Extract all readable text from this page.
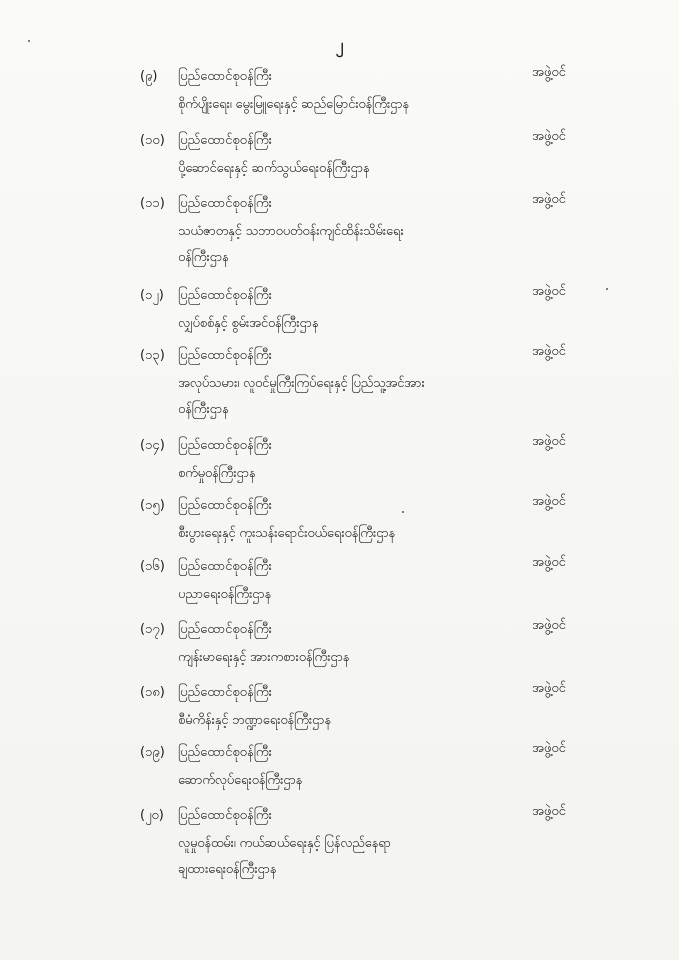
၂
(၉)	ပြည်ထောင်စုဝန်ကြီး	အဖွဲ့ဝင်
စိုက်ပျိုးရေး၊ မွေးမြူရေးနှင့် ဆည်မြောင်းဝန်ကြီးဌာန
(၁၀)	ပြည်ထောင်စုဝန်ကြီး	အဖွဲ့ဝင်
ပို့ဆောင်ရေးနှင့် ဆက်သွယ်ရေးဝန်ကြီးဌာန
(၁၁)	ပြည်ထောင်စုဝန်ကြီး	အဖွဲ့ဝင်
သယံဇာတနှင့် သဘာဝပတ်ဝန်းကျင်ထိန်းသိမ်းရေး
ဝန်ကြီးဌာန
(၁၂)	ပြည်ထောင်စုဝန်ကြီး	အဖွဲ့ဝင်
လျှပ်စစ်နှင့် စွမ်းအင်ဝန်ကြီးဌာန
(၁၃)	ပြည်ထောင်စုဝန်ကြီး	အဖွဲ့ဝင်
အလုပ်သမား၊ လူဝင်မှုကြီးကြပ်ရေးနှင့် ပြည်သူ့အင်အား
ဝန်ကြီးဌာန
(၁၄)	ပြည်ထောင်စုဝန်ကြီး	အဖွဲ့ဝင်
စက်မှုဝန်ကြီးဌာန
(၁၅)	ပြည်ထောင်စုဝန်ကြီး	အဖွဲ့ဝင်
စီးပွားရေးနှင့် ကူးသန်းရောင်းဝယ်ရေးဝန်ကြီးဌာန
(၁၆)	ပြည်ထောင်စုဝန်ကြီး	အဖွဲ့ဝင်
ပညာရေးဝန်ကြီးဌာန
(၁၇)	ပြည်ထောင်စုဝန်ကြီး	အဖွဲ့ဝင်
ကျန်းမာရေးနှင့် အားကစားဝန်ကြီးဌာန
(၁၈)	ပြည်ထောင်စုဝန်ကြီး	အဖွဲ့ဝင်
စီမံကိန်းနှင့် ဘဏ္ဍာရေးဝန်ကြီးဌာန
(၁၉)	ပြည်ထောင်စုဝန်ကြီး	အဖွဲ့ဝင်
ဆောက်လုပ်ရေးဝန်ကြီးဌာန
(၂၀)	ပြည်ထောင်စုဝန်ကြီး	အဖွဲ့ဝင်
လူမှုဝန်ထမ်း၊ ကယ်ဆယ်ရေးနှင့် ပြန်လည်နေရာ
ချထားရေးဝန်ကြီးဌာန
